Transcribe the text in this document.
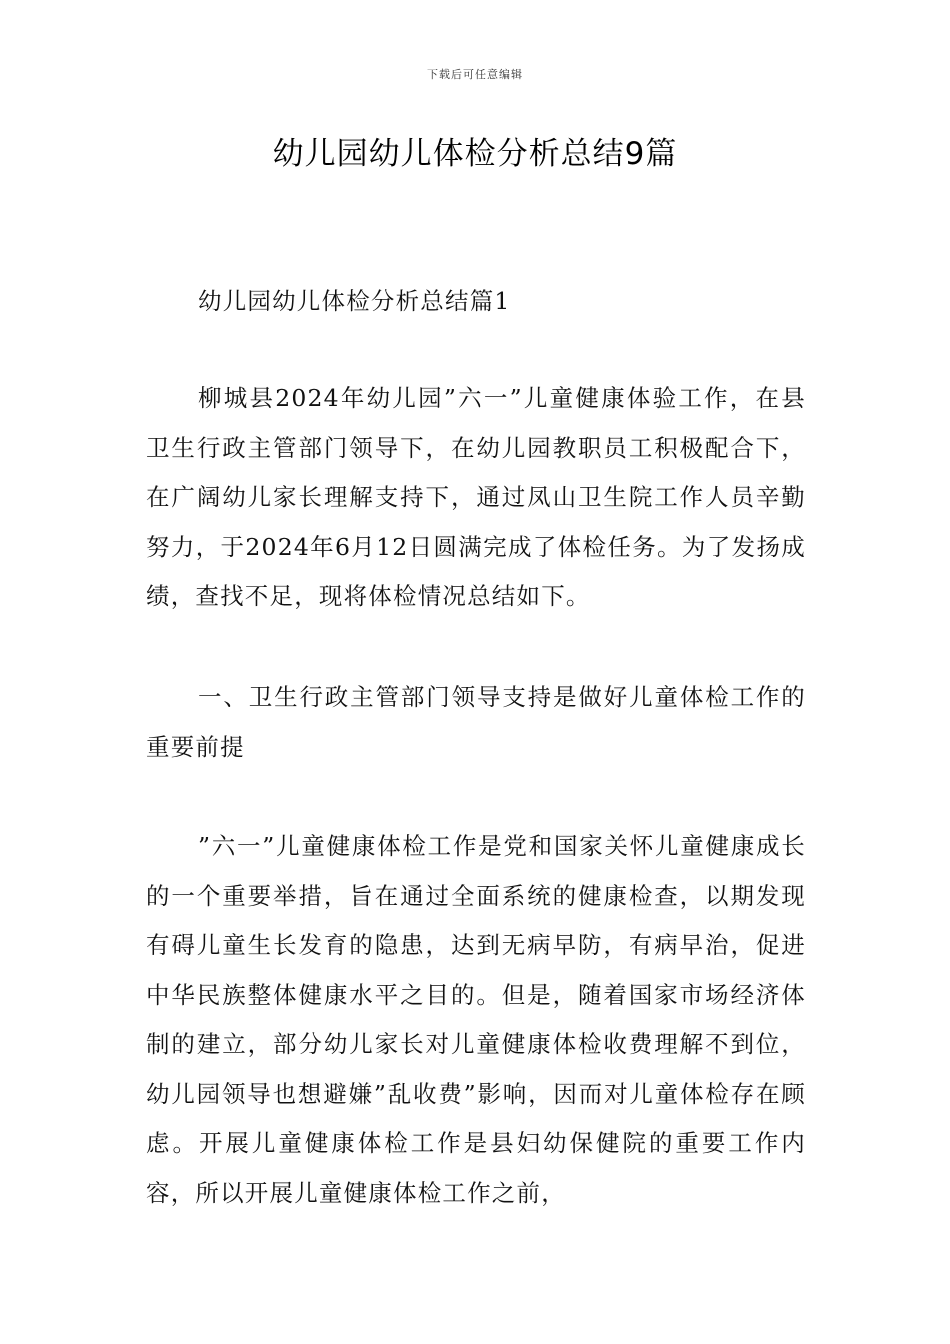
下载后可任意编辑
幼儿园幼儿体检分析总结9篇

幼儿园幼儿体检分析总结篇1

柳城县2024年幼儿园”六一”儿童健康体验工作，在县卫生行政主管部门领导下，在幼儿园教职员工积极配合下，在广阔幼儿家长理解支持下，通过凤山卫生院工作人员辛勤努力，于2024年6月12日圆满完成了体检任务。为了发扬成绩，查找不足，现将体检情况总结如下。

一、卫生行政主管部门领导支持是做好儿童体检工作的重要前提

”六一”儿童健康体检工作是党和国家关怀儿童健康成长的一个重要举措，旨在通过全面系统的健康检查，以期发现有碍儿童生长发育的隐患，达到无病早防，有病早治，促进中华民族整体健康水平之目的。但是，随着国家市场经济体制的建立，部分幼儿家长对儿童健康体检收费理解不到位，幼儿园领导也想避嫌”乱收费”影响，因而对儿童体检存在顾虑。开展儿童健康体检工作是县妇幼保健院的重要工作内容，所以开展儿童健康体检工作之前，
